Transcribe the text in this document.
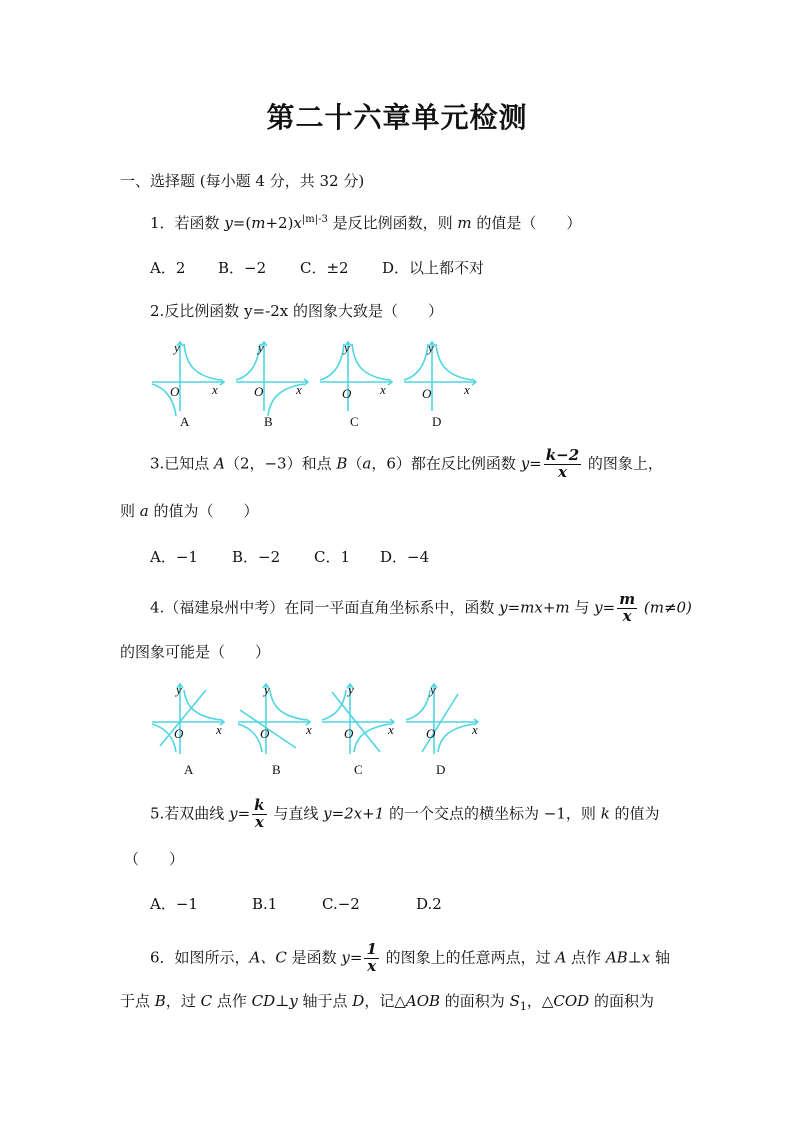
第二十六章单元检测
一、选择题 (每小题 4 分，共 32 分)
1．若函数 $y=(m+2)x^{|m|-3}$ 是反比例函数，则 m 的值是（　　）
A．2 B．−2 C．±2 D．以上都不对
2.反比例函数 y=-2x 的图象大致是（　　）
y
x
O
y
x
O
y
x
O
y
x
O
A	B	C	D
3.已知点 A（2，−3）和点 B（a，6）都在反比例函数 $y= \frac{k-2}{x}$ 的图象上，
则 a 的值为（　　）
A．−1 B．−2 C．1 D．−4
4.（福建泉州中考）在同一平面直角坐标系中，函数 y=mx+m 与 $y= \frac{m}{x} (m\ne 0)$
的图象可能是（　　）
y
x
O
y
x
O
y
x
O
y
x
O
A	B	C	D
5.若双曲线 $y= \frac{k}{x}$ 与直线 y=2x+1 的一个交点的横坐标为 −1，则 k 的值为
（　　）
A．−1	B.1	C.−2	D.2
6．如图所示，A、C 是函数 $y= \frac{1}{x}$ 的图象上的任意两点，过 A 点作 AB⊥x 轴
于点 B，过 C 点作 CD⊥y 轴于点 D，记△AOB 的面积为 $S_1$，△COD 的面积为
